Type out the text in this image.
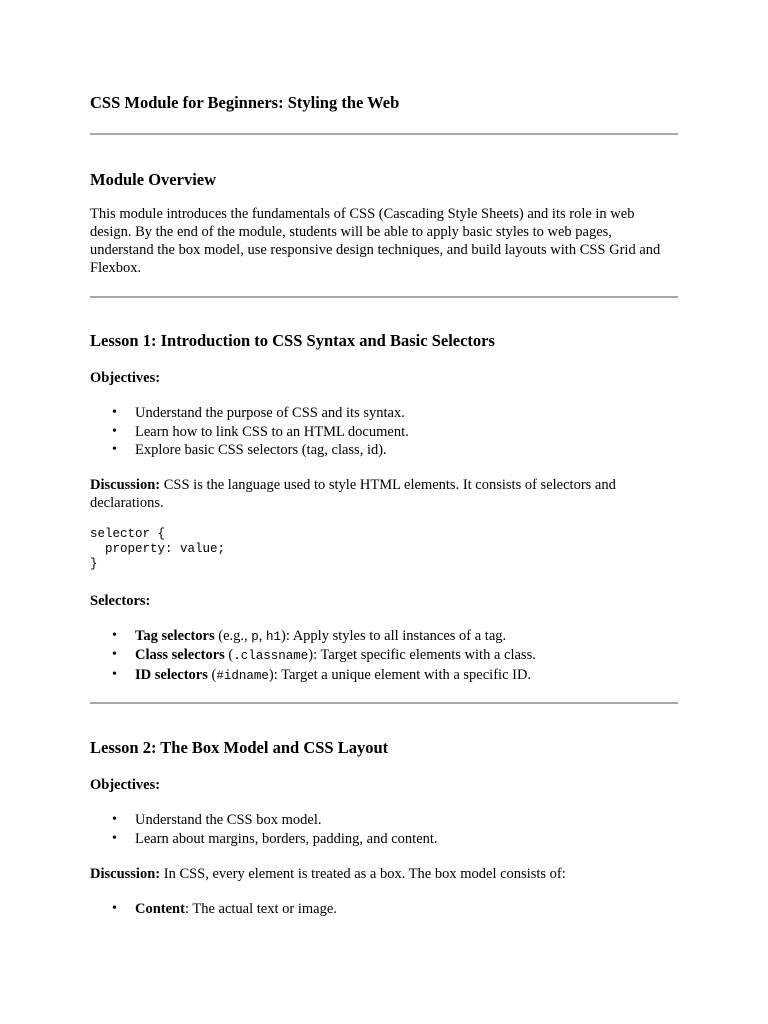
CSS Module for Beginners: Styling the Web
Module Overview

This module introduces the fundamentals of CSS (Cascading Style Sheets) and its role in web design. By the end of the module, students will be able to apply basic styles to web pages, understand the box model, use responsive design techniques, and build layouts with CSS Grid and Flexbox.

Lesson 1: Introduction to CSS Syntax and Basic Selectors

Objectives:

• Understand the purpose of CSS and its syntax.
• Learn how to link CSS to an HTML document.
• Explore basic CSS selectors (tag, class, id).

Discussion: CSS is the language used to style HTML elements. It consists of selectors and declarations.

selector {
property: value;
}

Selectors:

• Tag selectors (e.g., p, h1): Apply styles to all instances of a tag.
• Class selectors (.classname): Target specific elements with a class.
• ID selectors (#idname): Target a unique element with a specific ID.
Lesson 2: The Box Model and CSS Layout

Objectives:

• Understand the CSS box model.
• Learn about margins, borders, padding, and content.

Discussion: In CSS, every element is treated as a box. The box model consists of:

• Content: The actual text or image.
